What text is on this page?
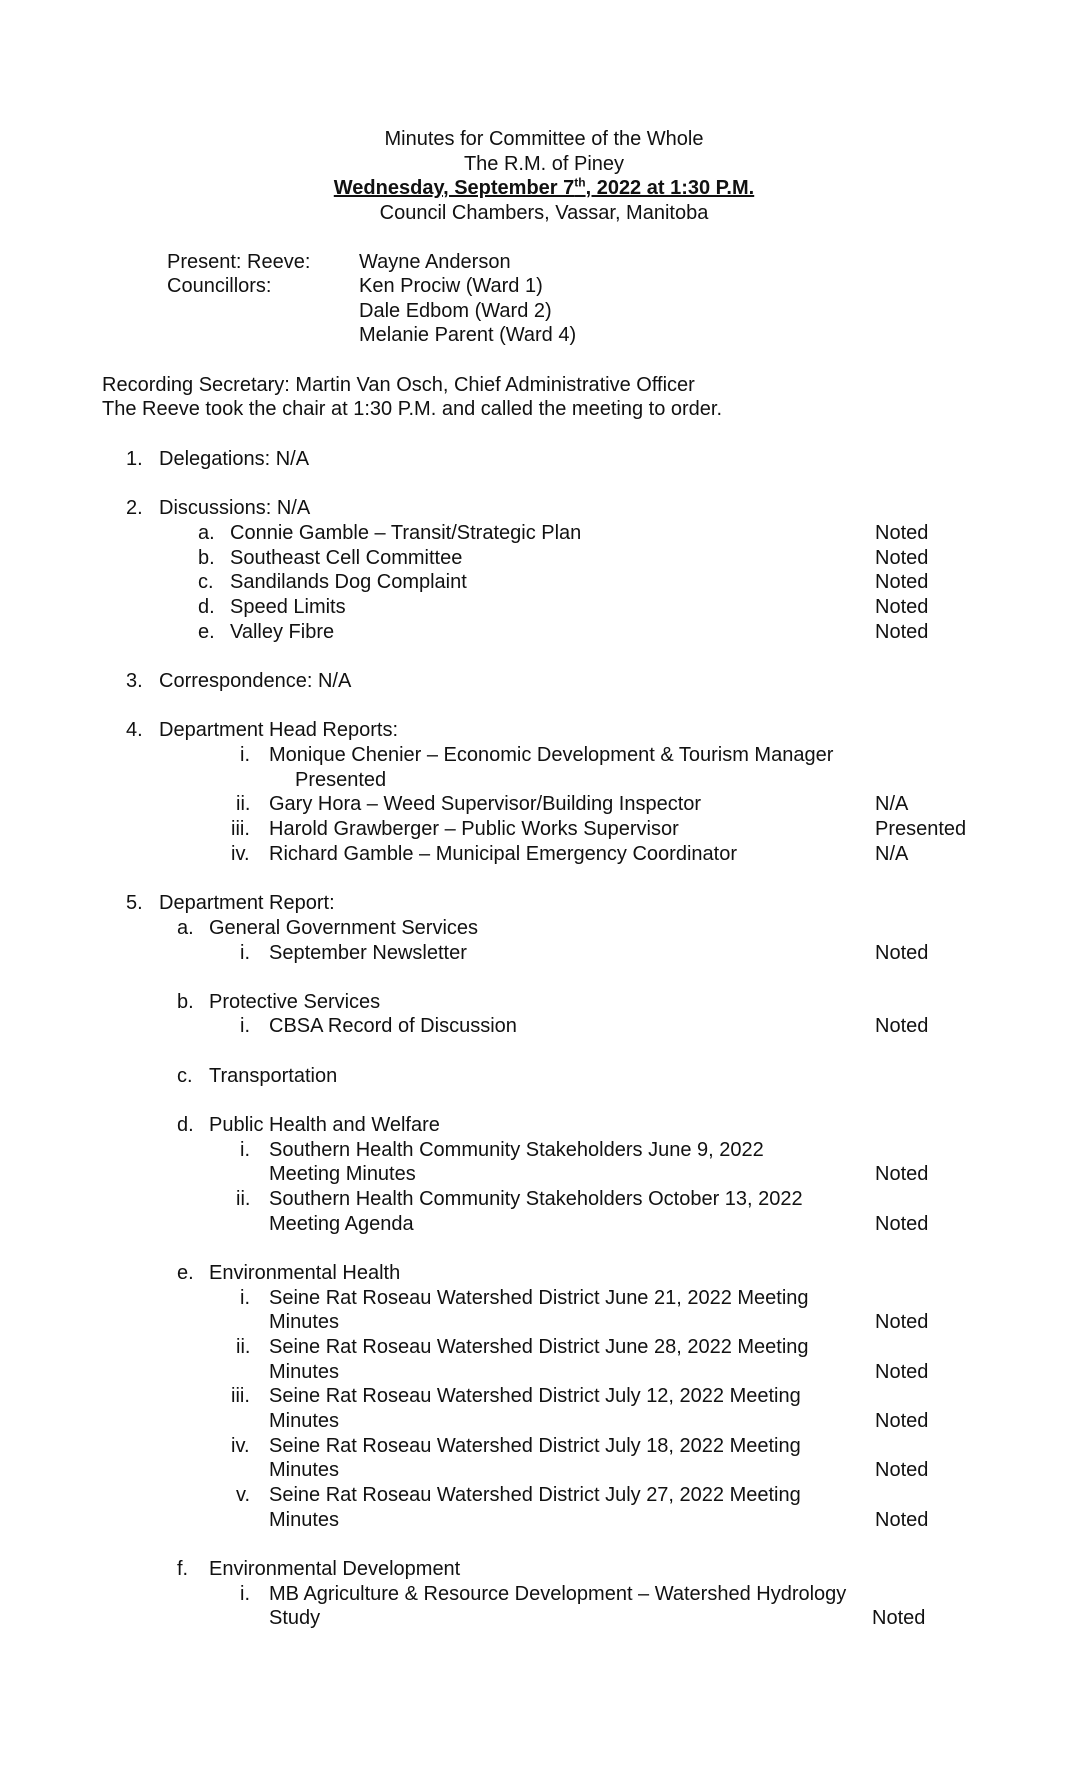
Minutes for Committee of the Whole
The R.M. of Piney
Wednesday, September 7th, 2022 at 1:30 P.M.
Council Chambers, Vassar, Manitoba
Present: Reeve: Wayne Anderson
Councillors:	Ken Prociw (Ward 1)
Dale Edbom (Ward 2)
Melanie Parent (Ward 4)
Recording Secretary: Martin Van Osch, Chief Administrative Officer
The Reeve took the chair at 1:30 P.M. and called the meeting to order.
1. Delegations: N/A
2. Discussions: N/A
a. Connie Gamble – Transit/Strategic Plan	Noted
b. Southeast Cell Committee	Noted
c. Sandilands Dog Complaint	Noted
d. Speed Limits	Noted
e. Valley Fibre	Noted
3. Correspondence: N/A
4. Department Head Reports:
i. Monique Chenier – Economic Development & Tourism Manager
Presented
ii. Gary Hora – Weed Supervisor/Building Inspector	N/A
iii. Harold Grawberger – Public Works Supervisor	Presented
iv. Richard Gamble – Municipal Emergency Coordinator	N/A
5. Department Report:
a. General Government Services
i. September Newsletter	Noted
b. Protective Services
i. CBSA Record of Discussion	Noted
c. Transportation
d. Public Health and Welfare
i. Southern Health Community Stakeholders June 9, 2022
Meeting Minutes	Noted
ii. Southern Health Community Stakeholders October 13, 2022
Meeting Agenda	Noted
e. Environmental Health
i. Seine Rat Roseau Watershed District June 21, 2022 Meeting
Minutes	Noted
ii. Seine Rat Roseau Watershed District June 28, 2022 Meeting
Minutes	Noted
iii. Seine Rat Roseau Watershed District July 12, 2022 Meeting
Minutes	Noted
iv. Seine Rat Roseau Watershed District July 18, 2022 Meeting
Minutes	Noted
v. Seine Rat Roseau Watershed District July 27, 2022 Meeting
Minutes	Noted
f. Environmental Development
i. MB Agriculture & Resource Development – Watershed Hydrology
Study	Noted
